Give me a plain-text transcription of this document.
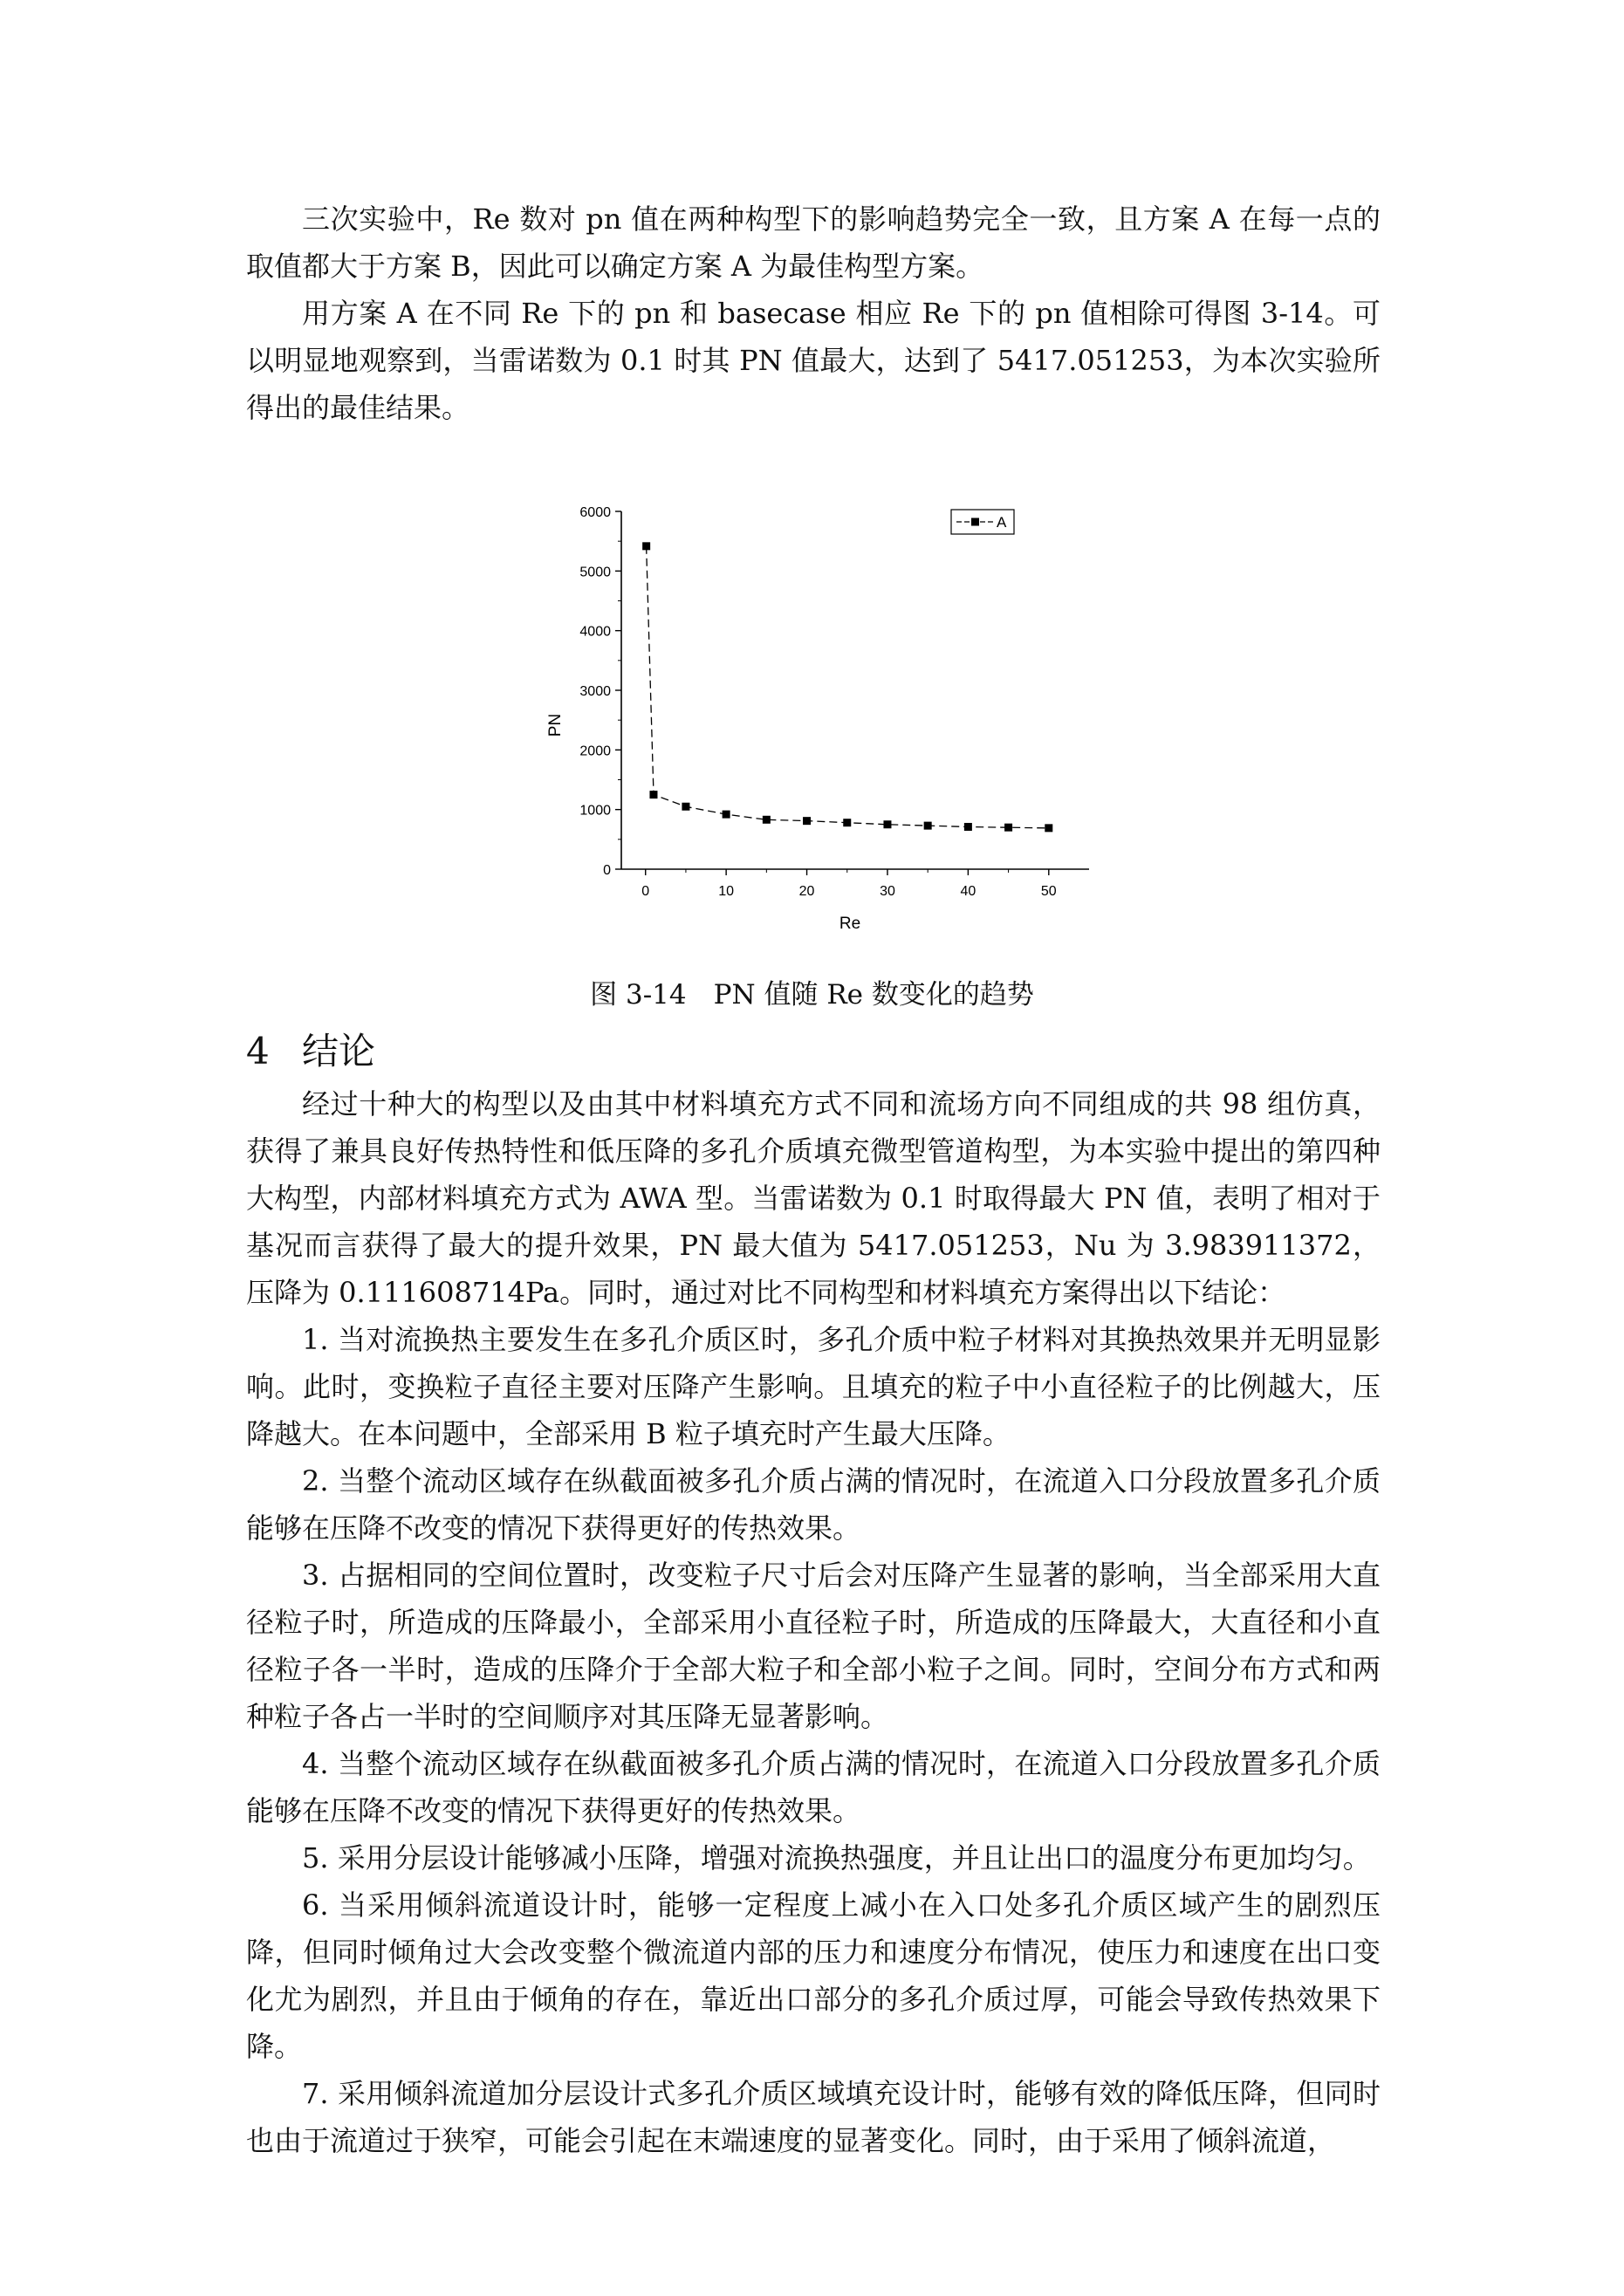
三次实验中，Re 数对 pn 值在两种构型下的影响趋势完全一致，且方案 A 在每一点的取值都大于方案 B，因此可以确定方案 A 为最佳构型方案。

用方案 A 在不同 Re 下的 pn 和 basecase 相应 Re 下的 pn 值相除可得图 3-14。可以明显地观察到，当雷诺数为 0.1 时其 PN 值最大，达到了 5417.051253，为本次实验所得出的最佳结果。

0
1000
2000
3000
4000
5000
6000
0	10	20	30	40	50
Re
PN
A

图 3-14　PN 值随 Re 数变化的趋势

4 结论

经过十种大的构型以及由其中材料填充方式不同和流场方向不同组成的共 98 组仿真，获得了兼具良好传热特性和低压降的多孔介质填充微型管道构型，为本实验中提出的第四种大构型，内部材料填充方式为 AWA 型。当雷诺数为 0.1 时取得最大 PN 值，表明了相对于基况而言获得了最大的提升效果，PN 最大值为 5417.051253，Nu 为 3.983911372，压降为 0.111608714Pa。同时，通过对比不同构型和材料填充方案得出以下结论：

1. 当对流换热主要发生在多孔介质区时，多孔介质中粒子材料对其换热效果并无明显影响。此时，变换粒子直径主要对压降产生影响。且填充的粒子中小直径粒子的比例越大，压降越大。在本问题中，全部采用 B 粒子填充时产生最大压降。

2. 当整个流动区域存在纵截面被多孔介质占满的情况时，在流道入口分段放置多孔介质能够在压降不改变的情况下获得更好的传热效果。

3. 占据相同的空间位置时，改变粒子尺寸后会对压降产生显著的影响，当全部采用大直径粒子时，所造成的压降最小，全部采用小直径粒子时，所造成的压降最大，大直径和小直径粒子各一半时，造成的压降介于全部大粒子和全部小粒子之间。同时，空间分布方式和两种粒子各占一半时的空间顺序对其压降无显著影响。

4. 当整个流动区域存在纵截面被多孔介质占满的情况时，在流道入口分段放置多孔介质能够在压降不改变的情况下获得更好的传热效果。

5. 采用分层设计能够减小压降，增强对流换热强度，并且让出口的温度分布更加均匀。

6. 当采用倾斜流道设计时，能够一定程度上减小在入口处多孔介质区域产生的剧烈压降，但同时倾角过大会改变整个微流道内部的压力和速度分布情况，使压力和速度在出口变化尤为剧烈，并且由于倾角的存在，靠近出口部分的多孔介质过厚，可能会导致传热效果下降。

7. 采用倾斜流道加分层设计式多孔介质区域填充设计时，能够有效的降低压降，但同时也由于流道过于狭窄，可能会引起在末端速度的显著变化。同时，由于采用了倾斜流道，
